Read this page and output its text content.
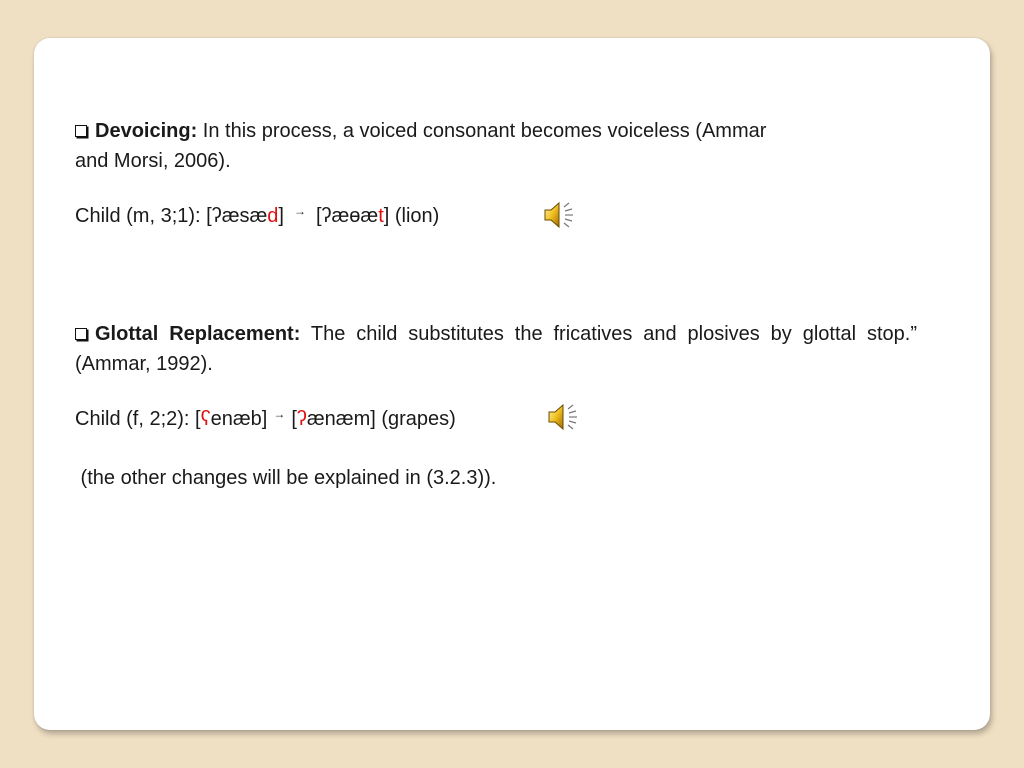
Devoicing: In this process, a voiced consonant becomes voiceless (Ammar
and Morsi, 2006).

Child (m, 3;1): [ʔæsæd] → [ʔæɵæt] (lion)

Glottal Replacement: The child substitutes the fricatives and plosives by glottal stop.” (Ammar, 1992).

Child (f, 2;2): [ʕenæb] → [ʔænæm] (grapes)

(the other changes will be explained in (3.2.3)).
